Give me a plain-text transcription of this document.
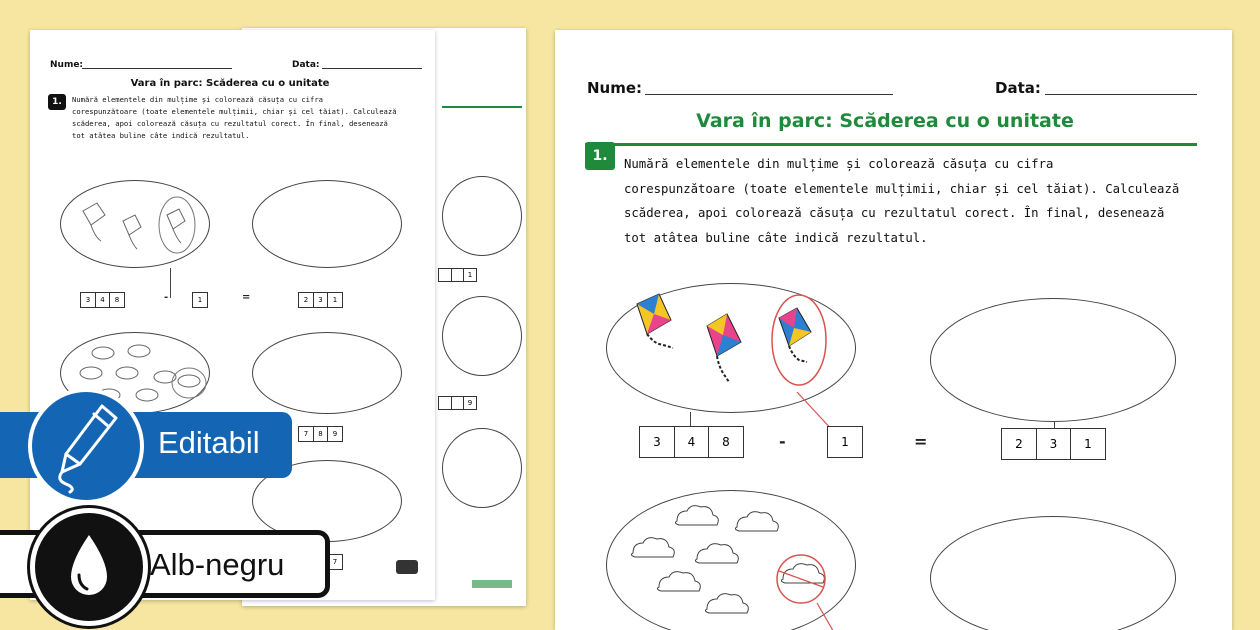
1
9
Nume:	Data:
Vara în parc: Scăderea cu o unitate
1.	Numără elementele din mulțime și colorează căsuța cu cifra
corespunzătoare (toate elementele mulțimii, chiar și cel tăiat). Calculează
scăderea, apoi colorează căsuța cu rezultatul corect. În final, desenează
tot atâtea buline câte indică rezultatul.
3	4	8	-	1	=	2	3	1
7	8	9
7
Nume:	Data:
Vara în parc: Scăderea cu o unitate
1.	Numără elementele din mulțime și colorează căsuța cu cifra
corespunzătoare (toate elementele mulțimii, chiar și cel tăiat). Calculează
scăderea, apoi colorează căsuța cu rezultatul corect. În final, desenează
tot atâtea buline câte indică rezultatul.
3	4	8	-	1	=	2	3	1
Editabil
Alb-negru
